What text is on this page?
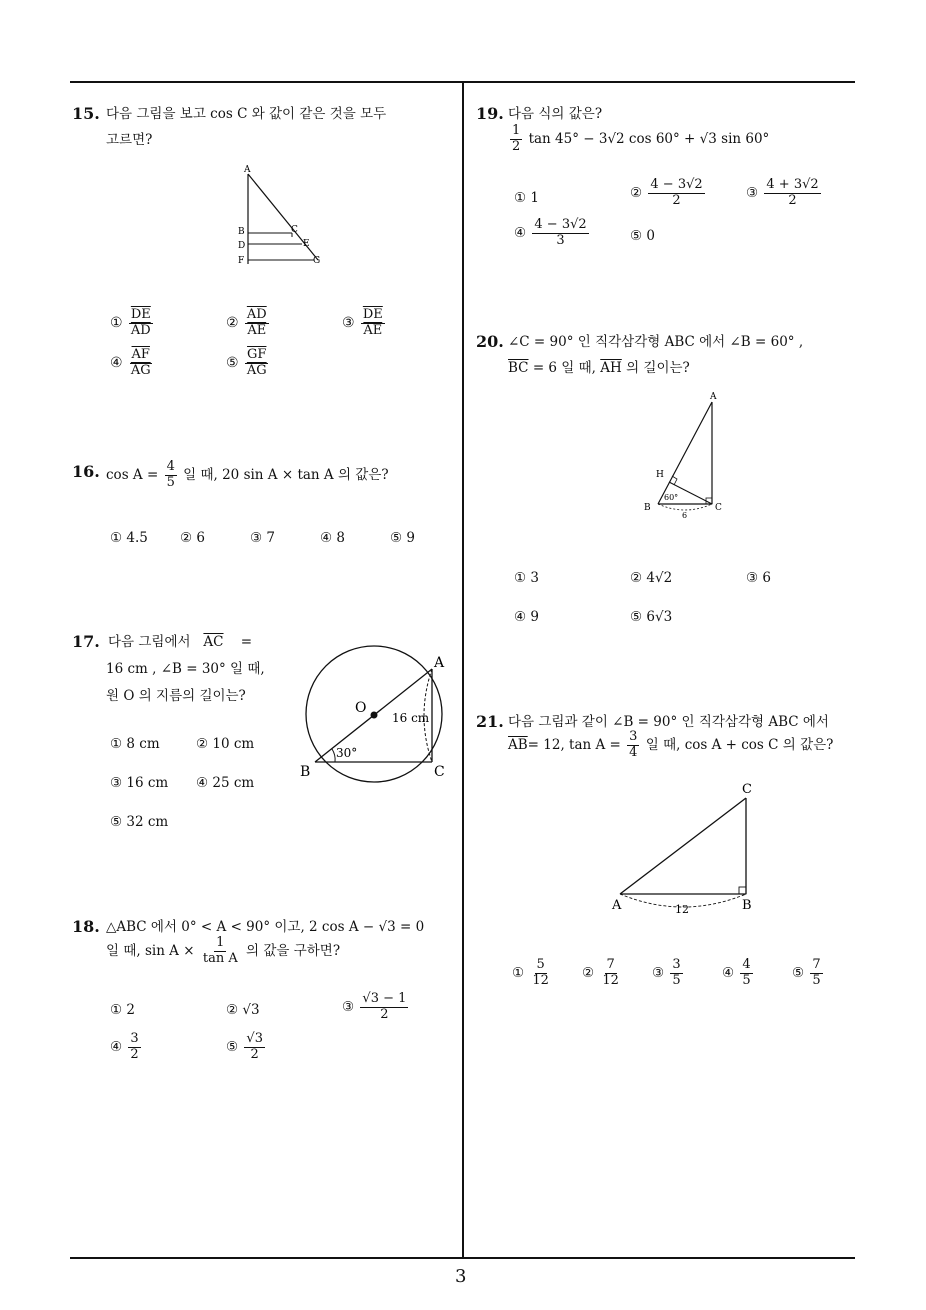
3
15. 다음 그림을 보고 cos C 와 값이 같은 것을 모두
고르면?
A
B	C
D	E
F	G
① $\frac{\overline{DE}}{AD}$	② $\frac{\overline{AD}}{AE}$	③ $\frac{\overline{DE}}{AE}$
④ $\frac{\overline{AF}}{AG}$	⑤ $\frac{\overline{GF}}{AG}$
16. $\cos A = \frac{4}{5}$ 일 때, 20 sin A × tan A 의 값은?
① 4.5 ② 6	③ 7	④ 8	⑤ 9
17. 다음 그림에서 $\overline{AC}$ =
16 cm , ∠B = 30° 일 때,
원 O 의 지름의 길이는?
O
A
B	C
16 cm
30°
① 8 cm	② 10 cm
③ 16 cm ④ 25 cm
⑤ 32 cm
18. △ABC 에서 0° < A < 90° 이고, 2 cos A − √3 = 0
일 때, $\sin A \times \frac{1}{\text{tan A}}$ 의 값을 구하면?
① 2	② √3	③ $\frac{√3 - 1}{2}$
④ $\frac{3}{2}$	⑤ $\frac{√3}{2}$
19. 다음 식의 값은?
$\frac{1}{2}$ tan 45° − 3√2 cos 60° + √3 sin 60°
① 1	② $\frac{4 - 3√2}{2}$	③ $\frac{4 + 3√2}{2}$
④ $\frac{4 - 3√2}{3}$	⑤ 0
20. ∠C = 90° 인 직각삼각형 ABC 에서 ∠B = 60° ,
$\overline{BC} = 6$ 일 때, $\overline{AH}$ 의 길이는?
A
H
B	C
60°
6
① 3	② 4√2	③ 6
④ 9	⑤ 6√3
21. 다음 그림과 같이 ∠B = 90° 인 직각삼각형 ABC 에서
$\overline{AB}= 12$, $\tan A = \frac{3}{4}$ 일 때, cos A + cos C 의 값은?
C
A	B
12
① $\frac{5}{12}$ ② $\frac{7}{12}$ ③ $\frac{3}{5}$	④ $\frac{4}{5}$	⑤ $\frac{7}{5}$
